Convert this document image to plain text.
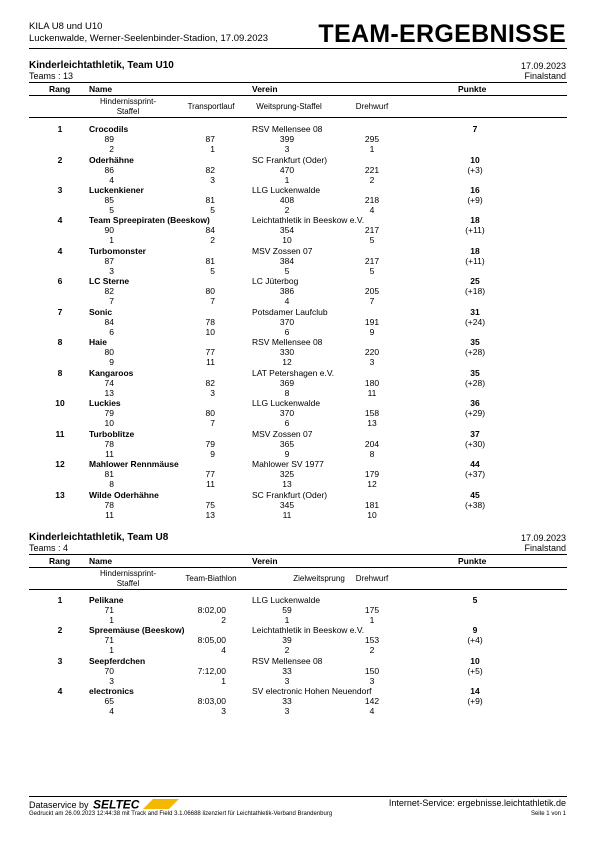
KILA U8 und U10
Luckenwalde, Werner-Seelenbinder-Stadion, 17.09.2023 TEAM-ERGEBNISSE
Kinderleichtathletik, Team U10	17.09.2023
Teams : 13	Finalstand
Rang Name	Verein	Punkte
Hindernissprint-
Staffel
Transportlauf	Weitsprung-Staffel	Drehwurf
1	Crocodils	RSV Mellensee 08	7
89	87	399	295
2	1	3	1
2	Oderhähne	SC Frankfurt (Oder)	10
(+3)
86	82	470	221
4	3	1	2
3	Luckenkiener	LLG Luckenwalde	16
(+9)
85	81	408	218
5	5	2	4
4	Team Spreepiraten (Beeskow)	Leichtathletik in Beeskow e.V.	18
(+11)
90	84	354	217
1	2	10	5
4	Turbomonster	MSV Zossen 07	18
(+11)
87	81	384	217
3	5	5	5
6	LC Sterne	LC Jüterbog	25
(+18)
82	80	386	205
7	7	4	7
7	Sonic	Potsdamer Laufclub	31
(+24)
84	78	370	191
6	10	6	9
8	Haie	RSV Mellensee 08	35
(+28)
80	77	330	220
9	11	12	3
8	Kangaroos	LAT Petershagen e.V.	35
(+28)
74	82	369	180
13	3	8	11
10	Luckies	LLG Luckenwalde	36
(+29)
79	80	370	158
10	7	6	13
11	Turboblitze	MSV Zossen 07	37
(+30)
78	79	365	204
11	9	9	8
12	Mahlower Rennmäuse	Mahlower SV 1977	44
(+37)
81	77	325	179
8	11	13	12
13	Wilde Oderhähne	SC Frankfurt (Oder)	45
(+38)
78	75	345	181
11	13	11	10
Kinderleichtathletik, Team U8	17.09.2023
Teams : 4	Finalstand
Rang Name	Verein	Punkte
Hindernissprint-
Staffel
Team-Biathlon	Zielweitsprung	Drehwurf
1	Pelikane	LLG Luckenwalde	5
71	8:02,00	59	175
1	2	1	1
2	Spreemäuse (Beeskow)	Leichtathletik in Beeskow e.V.	9
(+4)
71	8:05,00	39	153
1	4	2	2
3	Seepferdchen	RSV Mellensee 08	10
(+5)
70	7:12,00	33	150
3	1	3	3
4	electronics	SV electronic Hohen Neuendorf	14
(+9)
65	8:03,00	33	142
4	3	3	4
Dataservice by SELTEC	Internet-Service: ergebnisse.leichtathletik.de
Gedruckt am 26.09.2023 12:44:38 mit Track and Field 3.1.06688 lizenziert für Leichtathletik-Verband Brandenburg	Seite 1 von 1
